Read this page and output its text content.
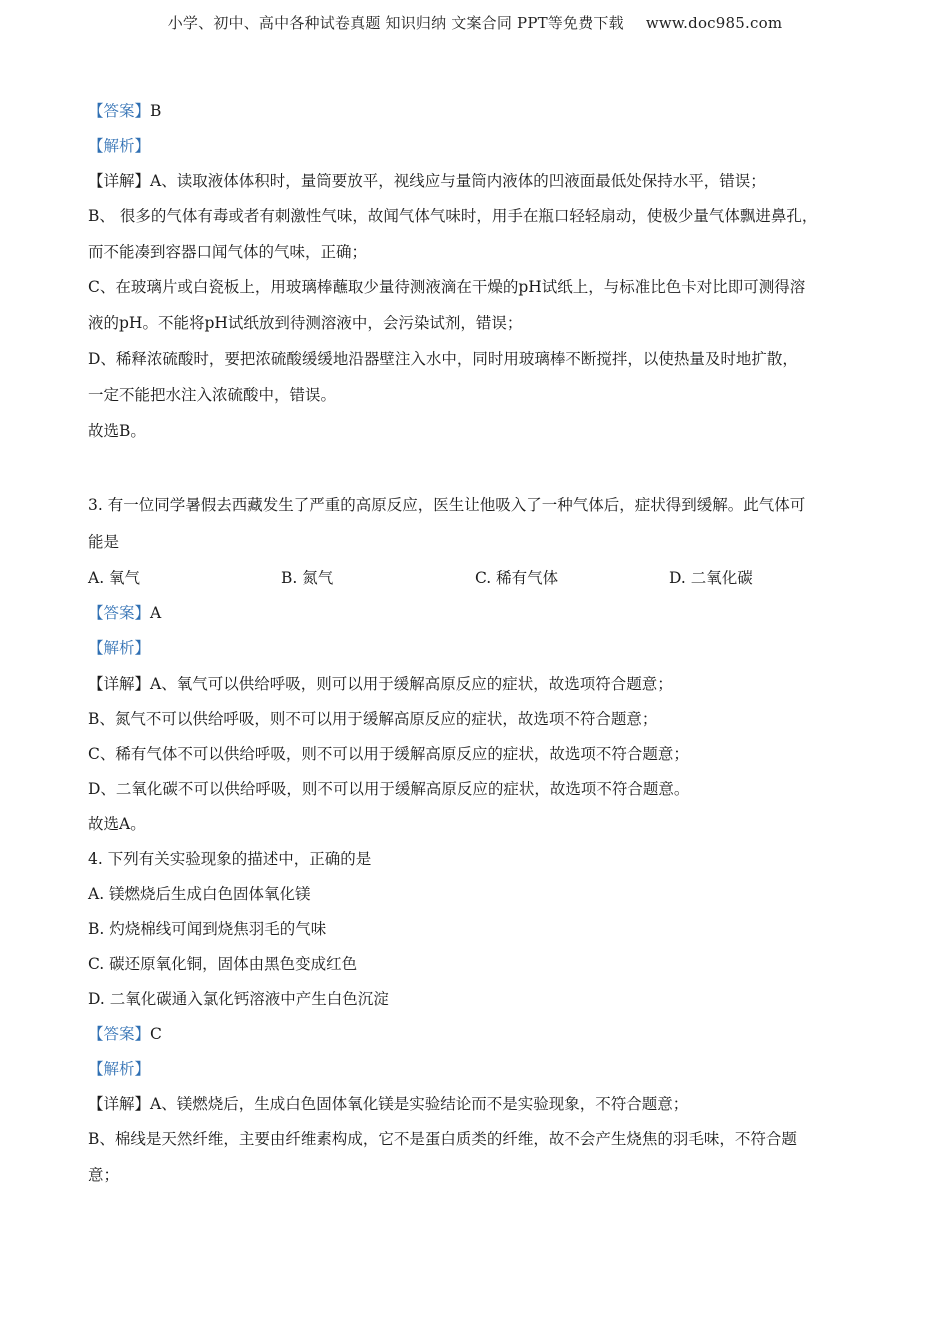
小学、初中、高中各种试卷真题 知识归纳 文案合同 PPT等免费下载 www.doc985.com
【答案】B
【解析】
【详解】A、读取液体体积时，量筒要放平，视线应与量筒内液体的凹液面最低处保持水平，错误；
B、 很多的气体有毒或者有刺激性气味，故闻气体气味时，用手在瓶口轻轻扇动，使极少量气体飘进鼻孔，
而不能凑到容器口闻气体的气味，正确；
C、在玻璃片或白瓷板上，用玻璃棒蘸取少量待测液滴在干燥的pH试纸上，与标准比色卡对比即可测得溶
液的pH。不能将pH试纸放到待测溶液中，会污染试剂，错误；
D、稀释浓硫酸时，要把浓硫酸缓缓地沿器壁注入水中，同时用玻璃棒不断搅拌，以使热量及时地扩散，
一定不能把水注入浓硫酸中，错误。
故选B。
3. 有一位同学暑假去西藏发生了严重的高原反应，医生让他吸入了一种气体后，症状得到缓解。此气体可
能是
A. 氧气	B. 氮气	C. 稀有气体	D. 二氧化碳
【答案】A
【解析】
【详解】A、氧气可以供给呼吸，则可以用于缓解高原反应的症状，故选项符合题意；
B、氮气不可以供给呼吸，则不可以用于缓解高原反应的症状，故选项不符合题意；
C、稀有气体不可以供给呼吸，则不可以用于缓解高原反应的症状，故选项不符合题意；
D、二氧化碳不可以供给呼吸，则不可以用于缓解高原反应的症状，故选项不符合题意。
故选A。
4. 下列有关实验现象的描述中，正确的是
A. 镁燃烧后生成白色固体氧化镁
B. 灼烧棉线可闻到烧焦羽毛的气味
C. 碳还原氧化铜，固体由黑色变成红色
D. 二氧化碳通入氯化钙溶液中产生白色沉淀
【答案】C
【解析】
【详解】A、镁燃烧后，生成白色固体氧化镁是实验结论而不是实验现象，不符合题意；
B、棉线是天然纤维，主要由纤维素构成，它不是蛋白质类的纤维，故不会产生烧焦的羽毛味，不符合题
意；
